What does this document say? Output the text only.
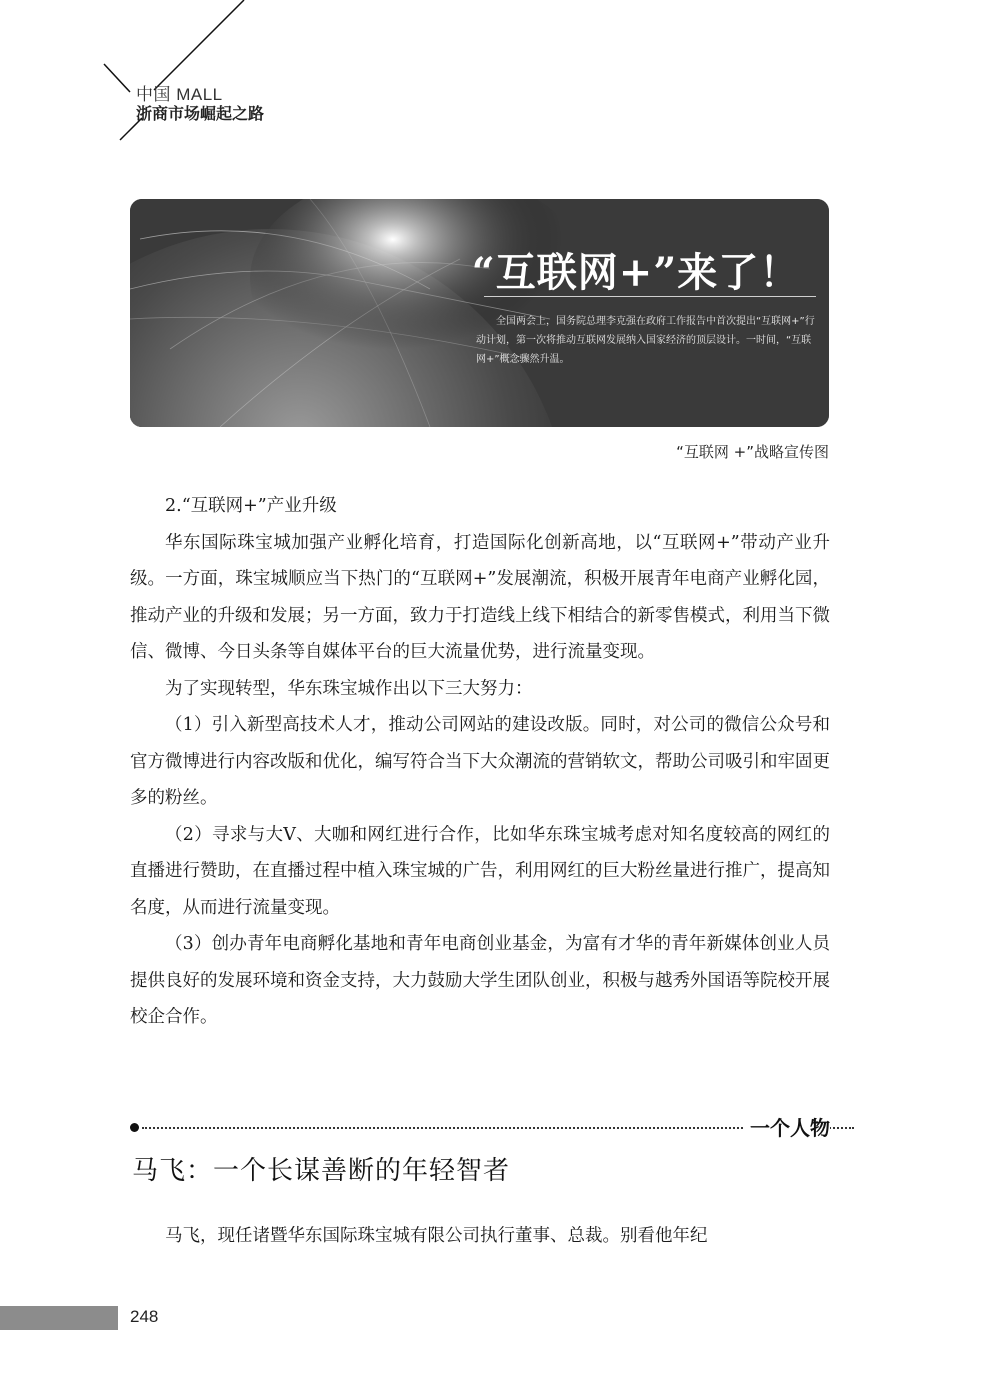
中国 MALL
浙商市场崛起之路
“互联网+”来了！
全国两会上，国务院总理李克强在政府工作报告中首次提出“互联网+”行动计划，第一次将推动互联网发展纳入国家经济的顶层设计。一时间，“互联网+”概念骤然升温。
“互联网 +”战略宣传图

2.“互联网+”产业升级

华东国际珠宝城加强产业孵化培育，打造国际化创新高地，以“互联网+”带动产业升级。一方面，珠宝城顺应当下热门的“互联网+”发展潮流，积极开展青年电商产业孵化园，推动产业的升级和发展；另一方面，致力于打造线上线下相结合的新零售模式，利用当下微信、微博、今日头条等自媒体平台的巨大流量优势，进行流量变现。

为了实现转型，华东珠宝城作出以下三大努力：

（1）引入新型高技术人才，推动公司网站的建设改版。同时，对公司的微信公众号和官方微博进行内容改版和优化，编写符合当下大众潮流的营销软文，帮助公司吸引和牢固更多的粉丝。

（2）寻求与大V、大咖和网红进行合作，比如华东珠宝城考虑对知名度较高的网红的直播进行赞助，在直播过程中植入珠宝城的广告，利用网红的巨大粉丝量进行推广，提高知名度，从而进行流量变现。

（3）创办青年电商孵化基地和青年电商创业基金，为富有才华的青年新媒体创业人员提供良好的发展环境和资金支持，大力鼓励大学生团队创业，积极与越秀外国语等院校开展校企合作。

一个人物
马飞：一个长谋善断的年轻智者
马飞，现任诸暨华东国际珠宝城有限公司执行董事、总裁。别看他年纪
248
